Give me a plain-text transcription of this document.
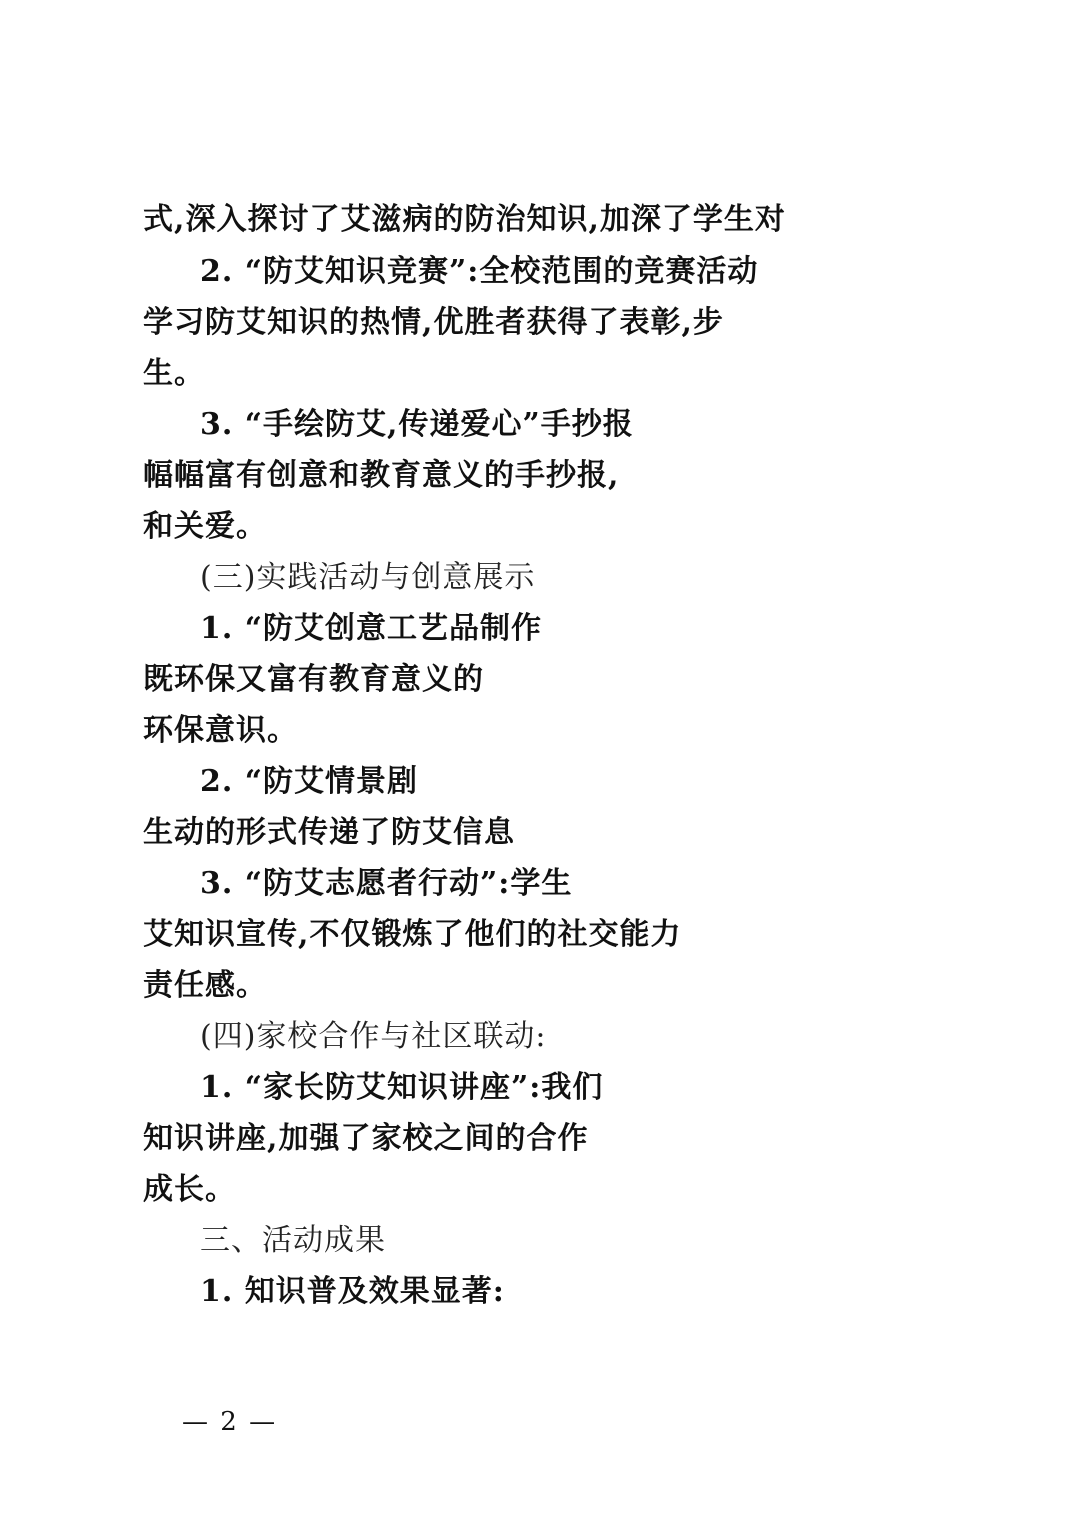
式,深入探讨了艾滋病的防治知识,加深了学生对
2. “防艾知识竞赛”:全校范围的竞赛活动
学习防艾知识的热情,优胜者获得了表彰,步
生。
3. “手绘防艾,传递爱心”手抄报
幅幅富有创意和教育意义的手抄报,
和关爱。
(三)实践活动与创意展示
1. “防艾创意工艺品制作
既环保又富有教育意义的
环保意识。
2. “防艾情景剧
生动的形式传递了防艾信息
3. “防艾志愿者行动”:学生
艾知识宣传,不仅锻炼了他们的社交能力
责任感。
(四)家校合作与社区联动:
1. “家长防艾知识讲座”:我们
知识讲座,加强了家校之间的合作
成长。
三、活动成果
1. 知识普及效果显著:
— 2 —
